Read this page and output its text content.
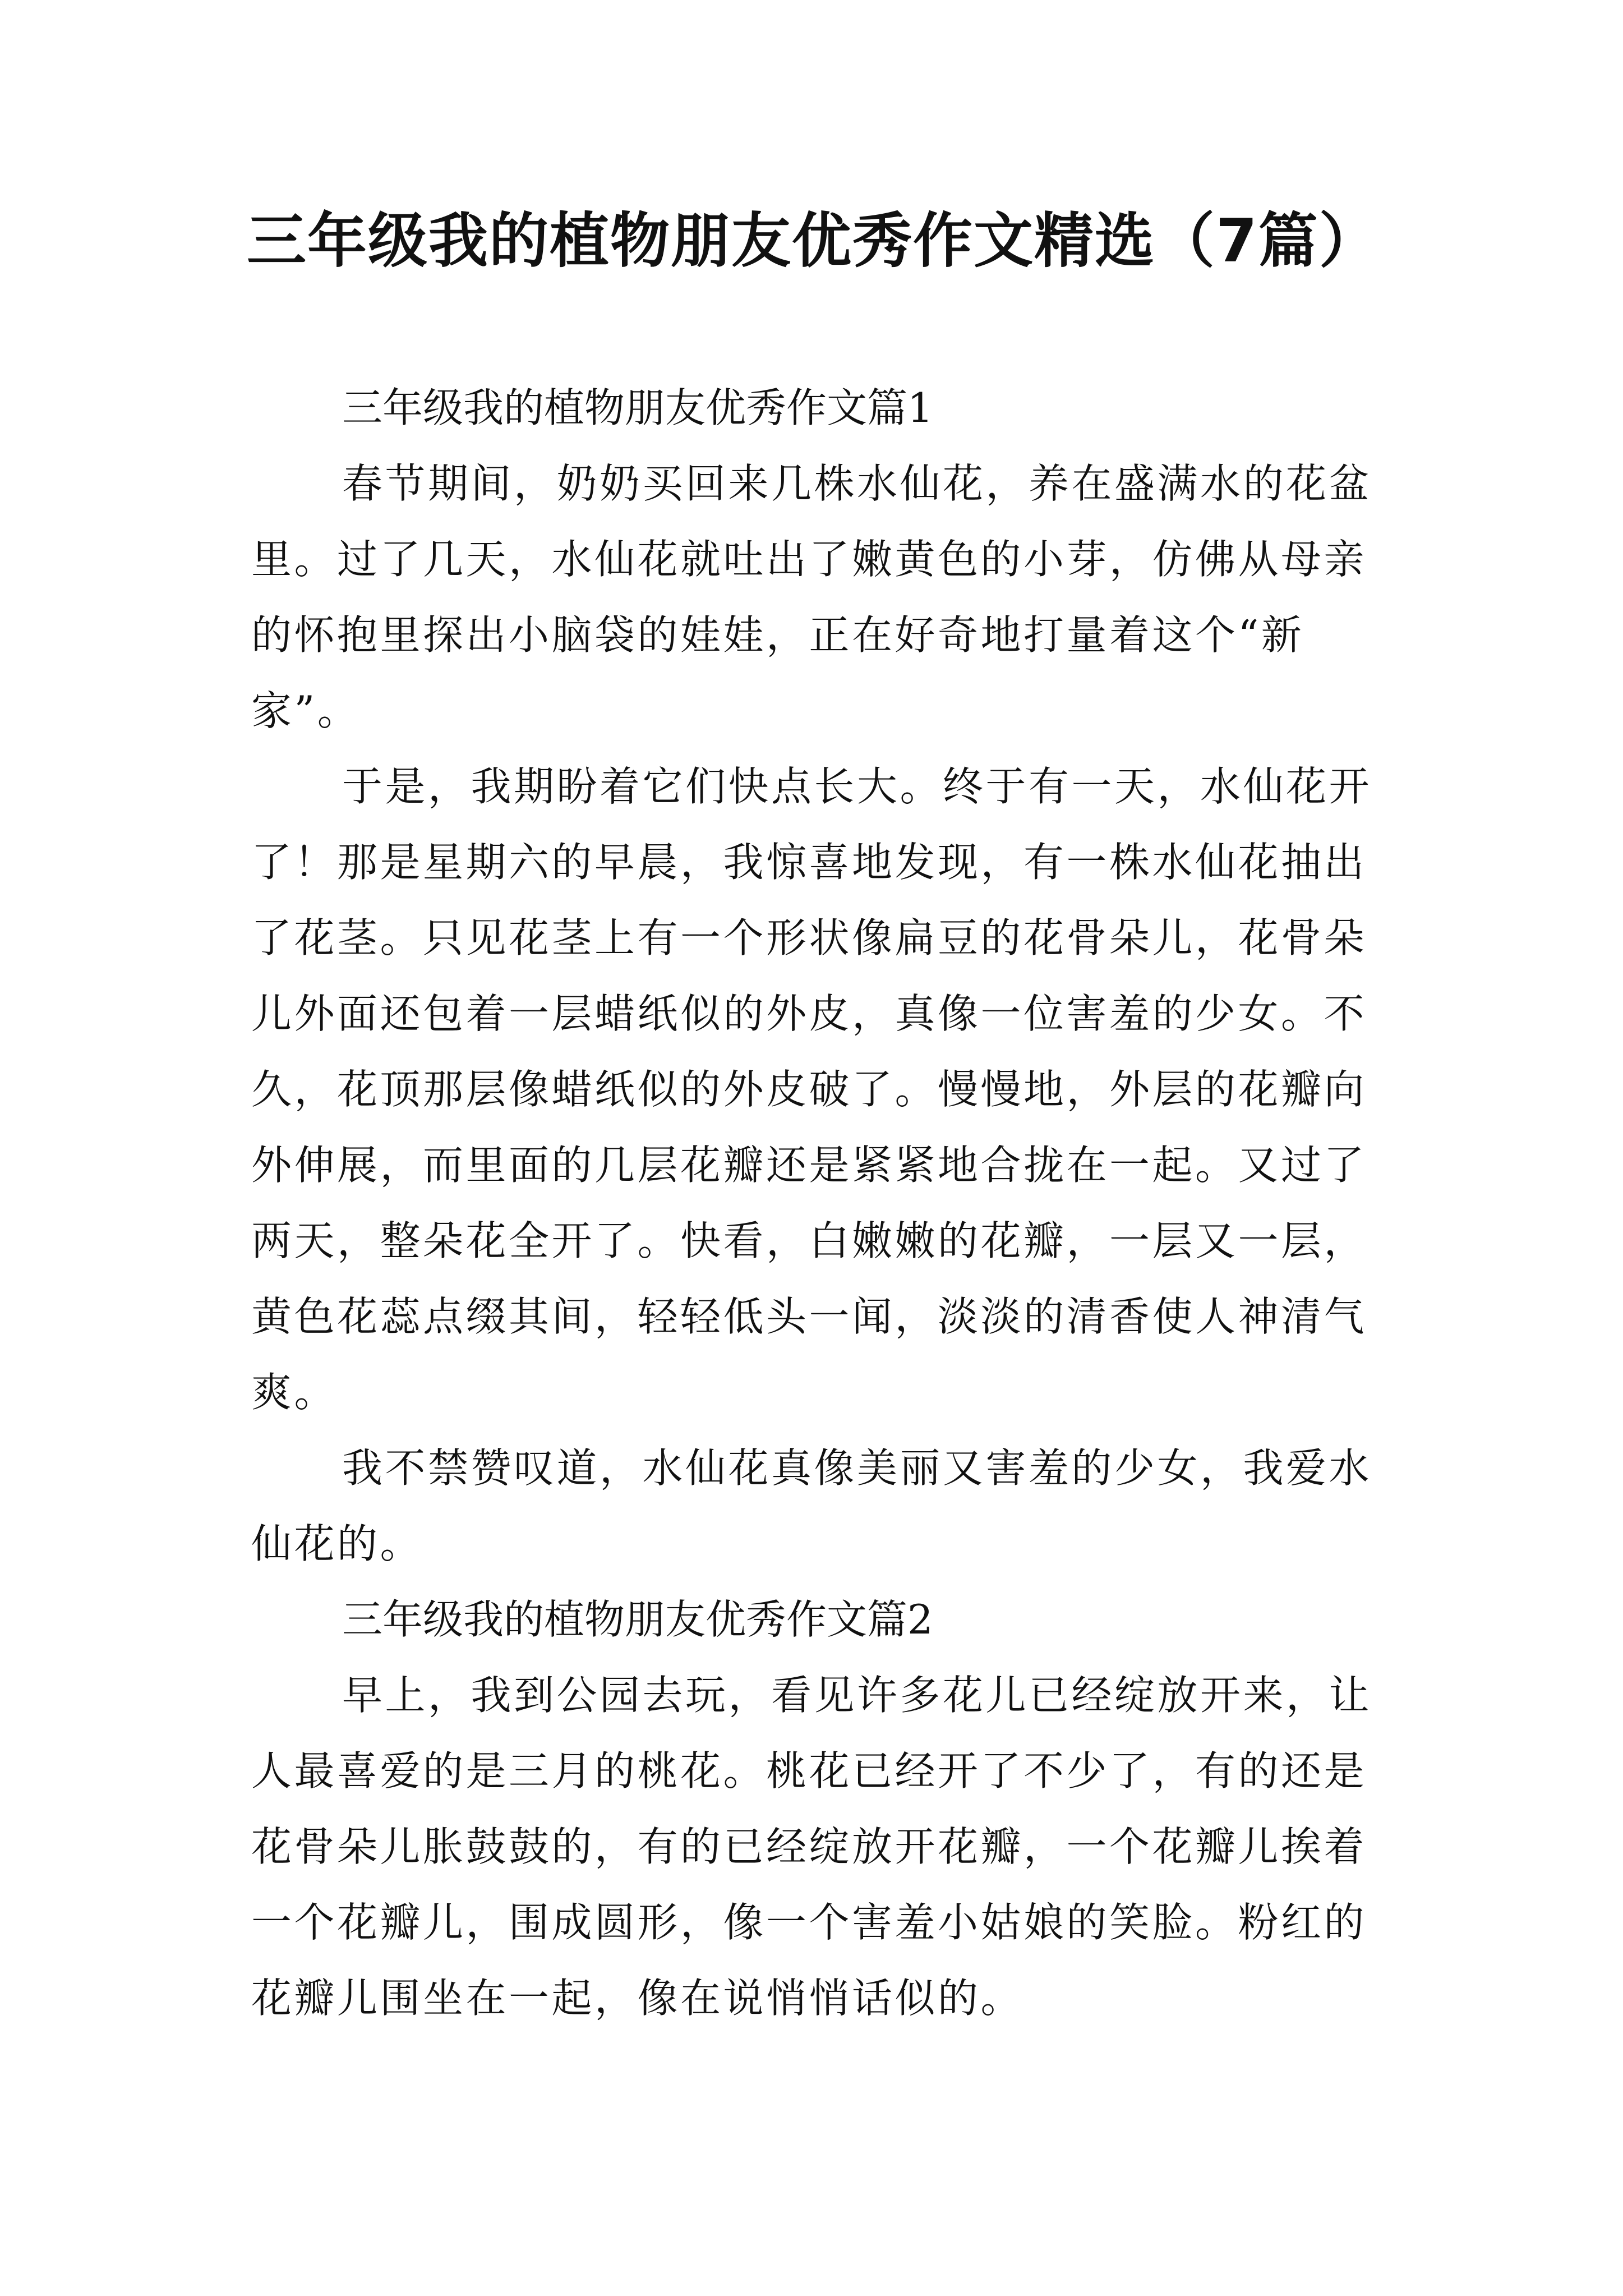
三年级我的植物朋友优秀作文精选（7篇）
三年级我的植物朋友优秀作文篇1

春节期间，奶奶买回来几株水仙花，养在盛满水的花盆
里。过了几天，水仙花就吐出了嫩黄色的小芽，仿佛从母亲
的怀抱里探出小脑袋的娃娃，正在好奇地打量着这个“新
家”。

于是，我期盼着它们快点长大。终于有一天，水仙花开
了！那是星期六的早晨，我惊喜地发现，有一株水仙花抽出
了花茎。只见花茎上有一个形状像扁豆的花骨朵儿，花骨朵
儿外面还包着一层蜡纸似的外皮，真像一位害羞的少女。不
久，花顶那层像蜡纸似的外皮破了。慢慢地，外层的花瓣向
外伸展，而里面的几层花瓣还是紧紧地合拢在一起。又过了
两天，整朵花全开了。快看，白嫩嫩的花瓣，一层又一层，
黄色花蕊点缀其间，轻轻低头一闻，淡淡的清香使人神清气
爽。

我不禁赞叹道，水仙花真像美丽又害羞的少女，我爱水
仙花的。

三年级我的植物朋友优秀作文篇2

早上，我到公园去玩，看见许多花儿已经绽放开来，让
人最喜爱的是三月的桃花。桃花已经开了不少了，有的还是
花骨朵儿胀鼓鼓的，有的已经绽放开花瓣，一个花瓣儿挨着
一个花瓣儿，围成圆形，像一个害羞小姑娘的笑脸。粉红的
花瓣儿围坐在一起，像在说悄悄话似的。
